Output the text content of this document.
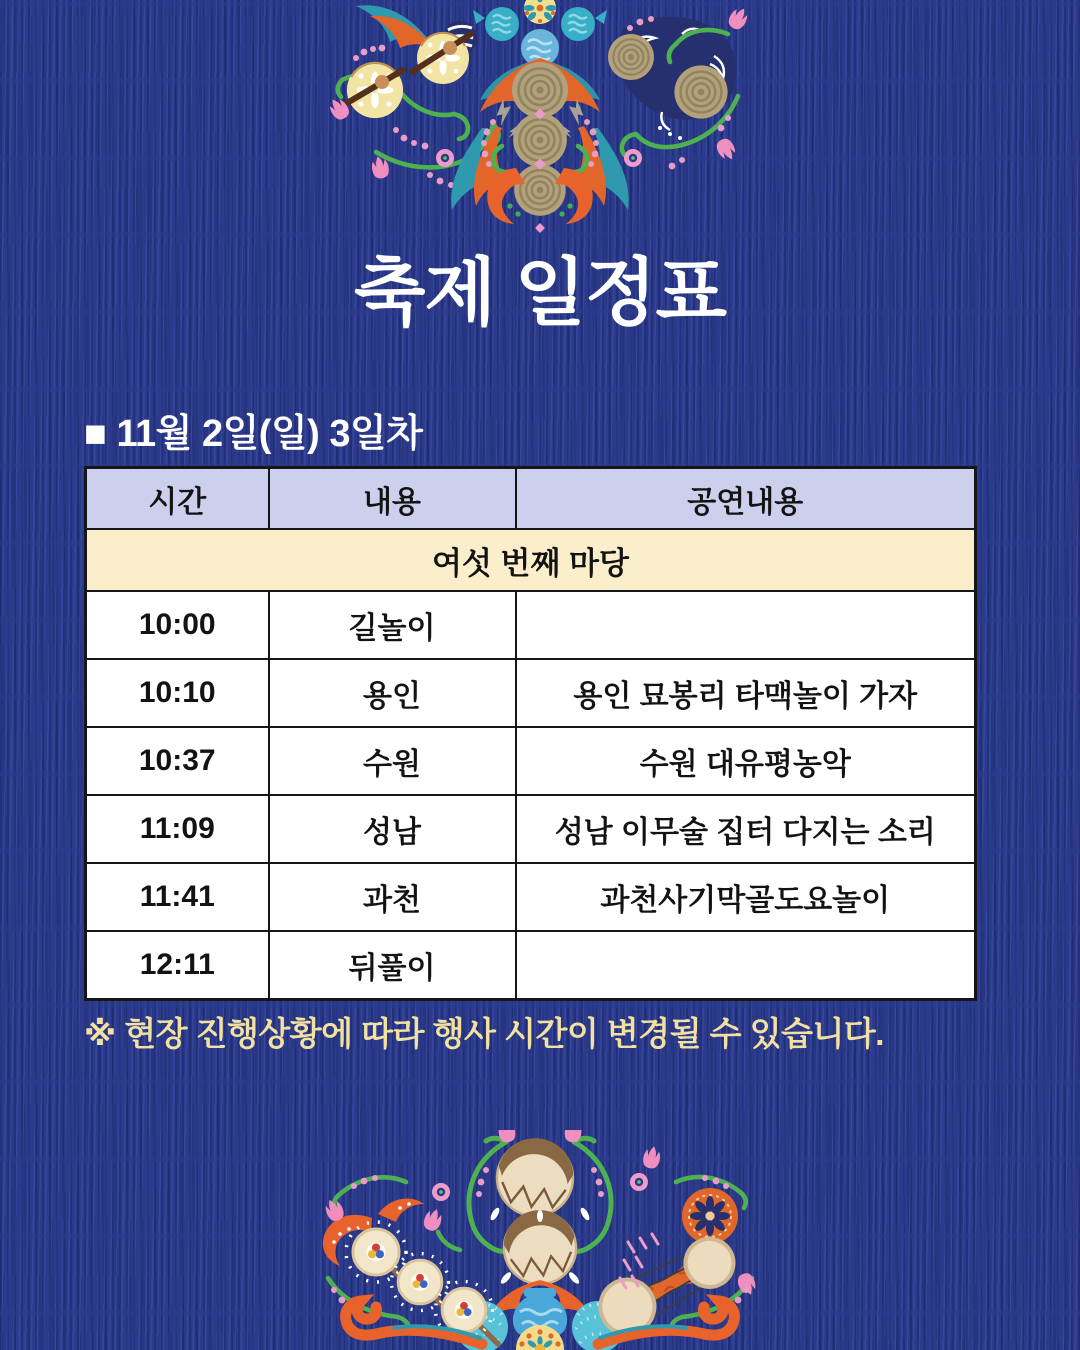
축제 일정표
■ 11월 2일(일) 3일차
시간	내용	공연내용
여섯 번째 마당		
10:00	길놀이	
10:10	용인	용인 묘봉리 타맥놀이 가자
10:37	수원	수원 대유평농악
11:09	성남	성남 이무술 집터 다지는 소리
11:41	과천	과천사기막골도요놀이
12:11	뒤풀이	
※ 현장 진행상황에 따라 행사 시간이 변경될 수 있습니다.
